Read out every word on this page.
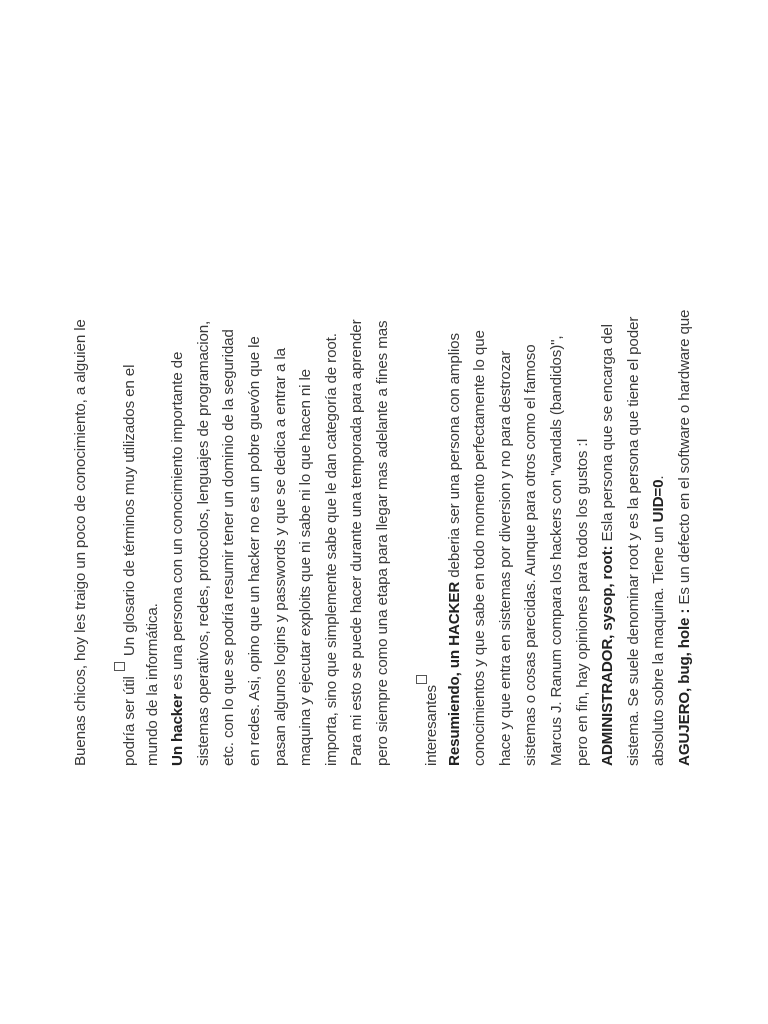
Buenas chicos, hoy les traigo un poco de conocimiento, a alguien le	podría ser útil  Un glosario de términos muy utilizados en el
mundo de la informática. Un hacker es una persona con un conocimiento importante de sistemas operativos, redes, protocolos, lenguajes de programacion, etc. con lo que se podría resumir tener un dominio de la seguridad en redes. Asi, opino que un hacker no es un pobre guevón que le pasan algunos logins y passwords y que se dedica a entrar a la maquina y ejecutar exploits que ni sabe ni lo que hacen ni le importa, sino que simplemente sabe que le dan categoría de root. Para mi esto se puede hacer durante una temporada para aprender pero siempre como una etapa para llegar mas adelante a fines mas	interesantes Resumiendo, un HACKER deberia ser una persona con amplios conocimientos y que sabe en todo momento perfectamente lo que hace y que entra en sistemas por diversion y no para destrozar sistemas o cosas parecidas. Aunque para otros como el famoso Marcus J. Ranum compara los hackers con "vandals (bandidos)", pero en fin, hay opiniones para todos los gustos :I ADMINISTRADOR, sysop, root: Esla persona que se encarga del sistema. Se suele denominar root y es la persona que tiene el poder absoluto sobre la maquina. Tiene un UID=0.
AGUJERO, bug, hole : Es un defecto en el software o hardware que
